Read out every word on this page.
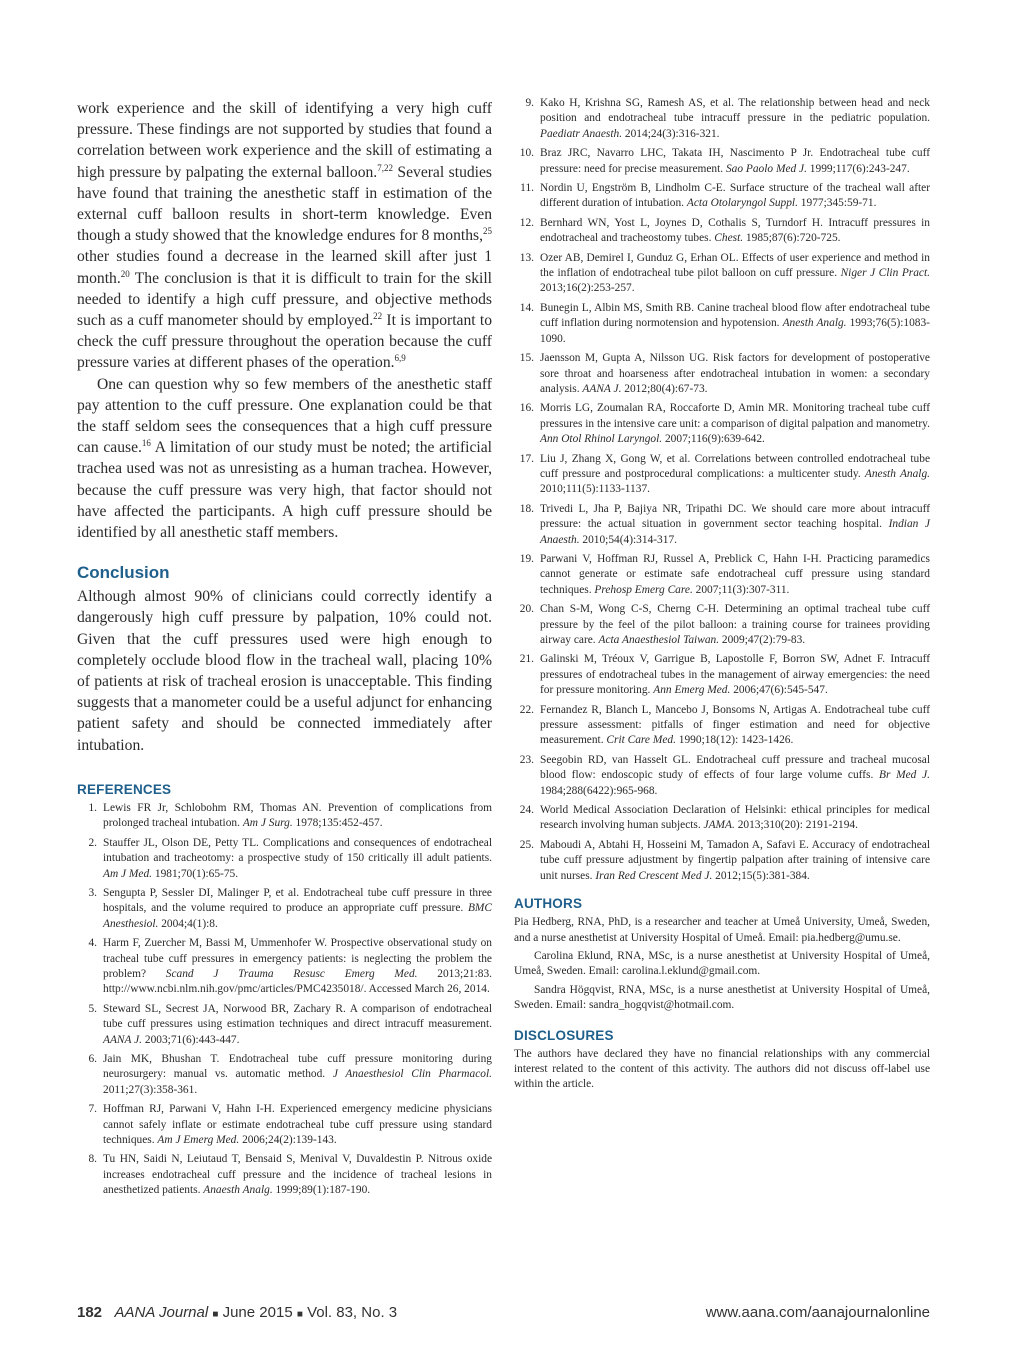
work experience and the skill of identifying a very high cuff pressure. These findings are not supported by studies that found a correlation between work experience and the skill of estimating a high pressure by palpating the external balloon.$^{7,22}$ Several studies have found that training the anesthetic staff in estimation of the external cuff balloon results in short-term knowledge. Even though a study showed that the knowledge endures for 8 months,$^{25}$ other studies found a decrease in the learned skill after just 1 month.$^{20}$ The conclusion is that it is difficult to train for the skill needed to identify a high cuff pressure, and objective methods such as a cuff manometer should by employed.$^{22}$ It is important to check the cuff pressure throughout the operation because the cuff pressure varies at different phases of the operation.$^{6,9}$

One can question why so few members of the anesthetic staff pay attention to the cuff pressure. One explanation could be that the staff seldom sees the consequences that a high cuff pressure can cause.$^{16}$ A limitation of our study must be noted; the artificial trachea used was not as unresisting as a human trachea. However, because the cuff pressure was very high, that factor should not have affected the participants. A high cuff pressure should be identified by all anesthetic staff members.

Conclusion

Although almost 90% of clinicians could correctly identify a dangerously high cuff pressure by palpation, 10% could not. Given that the cuff pressures used were high enough to completely occlude blood flow in the tracheal wall, placing 10% of patients at risk of tracheal erosion is unacceptable. This finding suggests that a manometer could be a useful adjunct for enhancing patient safety and should be connected immediately after intubation.

REFERENCES
1. Lewis FR Jr, Schlobohm RM, Thomas AN. Prevention of complications from prolonged tracheal intubation. Am J Surg. 1978;135:452-457.
2. Stauffer JL, Olson DE, Petty TL. Complications and consequences of endotracheal intubation and tracheotomy: a prospective study of 150 critically ill adult patients. Am J Med. 1981;70(1):65-75.
3. Sengupta P, Sessler DI, Malinger P, et al. Endotracheal tube cuff pressure in three hospitals, and the volume required to produce an appropriate cuff pressure. BMC Anesthesiol. 2004;4(1):8.
4. Harm F, Zuercher M, Bassi M, Ummenhofer W. Prospective observational study on tracheal tube cuff pressures in emergency patients: is neglecting the problem the problem? Scand J Trauma Resusc Emerg Med. 2013;21:83. http://www.ncbi.nlm.nih.gov/pmc/articles/PMC4235018/. Accessed March 26, 2014.
5. Steward SL, Secrest JA, Norwood BR, Zachary R. A comparison of endotracheal tube cuff pressures using estimation techniques and direct intracuff measurement. AANA J. 2003;71(6):443-447.
6. Jain MK, Bhushan T. Endotracheal tube cuff pressure monitoring during neurosurgery: manual vs. automatic method. J Anaesthesiol Clin Pharmacol. 2011;27(3):358-361.
7. Hoffman RJ, Parwani V, Hahn I-H. Experienced emergency medicine physicians cannot safely inflate or estimate endotracheal tube cuff pressure using standard techniques. Am J Emerg Med. 2006;24(2):139-143.
8. Tu HN, Saidi N, Leiutaud T, Bensaid S, Menival V, Duvaldestin P. Nitrous oxide increases endotracheal cuff pressure and the incidence of tracheal lesions in anesthetized patients. Anaesth Analg. 1999;89(1):187-190.
9. Kako H, Krishna SG, Ramesh AS, et al. The relationship between head and neck position and endotracheal tube intracuff pressure in the pediatric population. Paediatr Anaesth. 2014;24(3):316-321.
10. Braz JRC, Navarro LHC, Takata IH, Nascimento P Jr. Endotracheal tube cuff pressure: need for precise measurement. Sao Paolo Med J. 1999;117(6):243-247.
11. Nordin U, Engström B, Lindholm C-E. Surface structure of the tracheal wall after different duration of intubation. Acta Otolaryngol Suppl. 1977;345:59-71.
12. Bernhard WN, Yost L, Joynes D, Cothalis S, Turndorf H. Intracuff pressures in endotracheal and tracheostomy tubes. Chest. 1985;87(6):720-725.
13. Ozer AB, Demirel I, Gunduz G, Erhan OL. Effects of user experience and method in the inflation of endotracheal tube pilot balloon on cuff pressure. Niger J Clin Pract. 2013;16(2):253-257.
14. Bunegin L, Albin MS, Smith RB. Canine tracheal blood flow after endotracheal tube cuff inflation during normotension and hypotension. Anesth Analg. 1993;76(5):1083-1090.
15. Jaensson M, Gupta A, Nilsson UG. Risk factors for development of postoperative sore throat and hoarseness after endotracheal intubation in women: a secondary analysis. AANA J. 2012;80(4):67-73.
16. Morris LG, Zoumalan RA, Roccaforte D, Amin MR. Monitoring tracheal tube cuff pressures in the intensive care unit: a comparison of digital palpation and manometry. Ann Otol Rhinol Laryngol. 2007;116(9):639-642.
17. Liu J, Zhang X, Gong W, et al. Correlations between controlled endotracheal tube cuff pressure and postprocedural complications: a multicenter study. Anesth Analg. 2010;111(5):1133-1137.
18. Trivedi L, Jha P, Bajiya NR, Tripathi DC. We should care more about intracuff pressure: the actual situation in government sector teaching hospital. Indian J Anaesth. 2010;54(4):314-317.
19. Parwani V, Hoffman RJ, Russel A, Preblick C, Hahn I-H. Practicing paramedics cannot generate or estimate safe endotracheal cuff pressure using standard techniques. Prehosp Emerg Care. 2007;11(3):307-311.
20. Chan S-M, Wong C-S, Cherng C-H. Determining an optimal tracheal tube cuff pressure by the feel of the pilot balloon: a training course for trainees providing airway care. Acta Anaesthesiol Taiwan. 2009;47(2):79-83.
21. Galinski M, Tréoux V, Garrigue B, Lapostolle F, Borron SW, Adnet F. Intracuff pressures of endotracheal tubes in the management of airway emergencies: the need for pressure monitoring. Ann Emerg Med. 2006;47(6):545-547.
22. Fernandez R, Blanch L, Mancebo J, Bonsoms N, Artigas A. Endotracheal tube cuff pressure assessment: pitfalls of finger estimation and need for objective measurement. Crit Care Med. 1990;18(12): 1423-1426.
23. Seegobin RD, van Hasselt GL. Endotracheal cuff pressure and tracheal mucosal blood flow: endoscopic study of effects of four large volume cuffs. Br Med J. 1984;288(6422):965-968.
24. World Medical Association Declaration of Helsinki: ethical principles for medical research involving human subjects. JAMA. 2013;310(20): 2191-2194.
25. Maboudi A, Abtahi H, Hosseini M, Tamadon A, Safavi E. Accuracy of endotracheal tube cuff pressure adjustment by fingertip palpation after training of intensive care unit nurses. Iran Red Crescent Med J. 2012;15(5):381-384.
AUTHORS

Pia Hedberg, RNA, PhD, is a researcher and teacher at Umeå University, Umeå, Sweden, and a nurse anesthetist at University Hospital of Umeå. Email: pia.hedberg@umu.se.

Carolina Eklund, RNA, MSc, is a nurse anesthetist at University Hospital of Umeå, Umeå, Sweden. Email: carolina.l.eklund@gmail.com.

Sandra Högqvist, RNA, MSc, is a nurse anesthetist at University Hospital of Umeå, Sweden. Email: sandra_hogqvist@hotmail.com.

DISCLOSURES

The authors have declared they have no financial relationships with any commercial interest related to the content of this activity. The authors did not discuss off-label use within the article.

182 AANA Journal ■ June 2015 ■ Vol. 83, No. 3	www.aana.com/aanajournalonline
